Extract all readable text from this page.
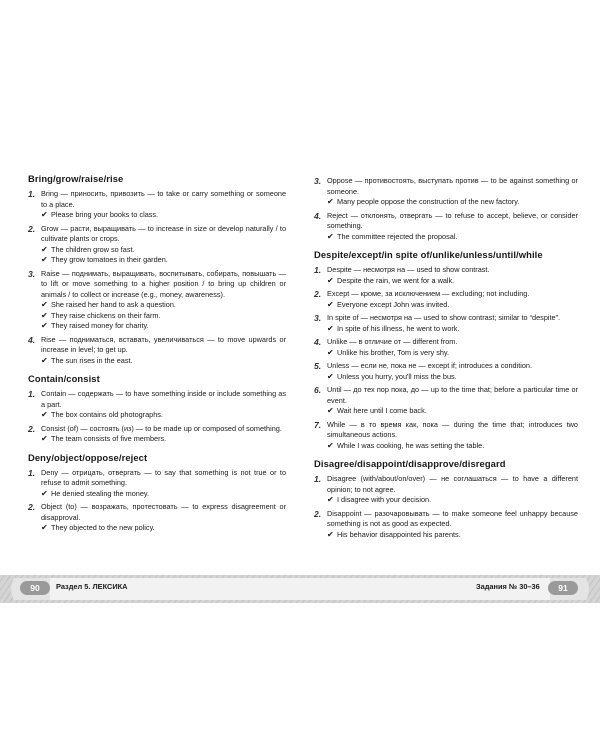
Bring/grow/raise/rise
1. Bring — приносить, привозить — to take or carry something or someone to a place.
✔ Please bring your books to class.
2. Grow — расти, выращивать — to increase in size or develop naturally / to cultivate plants or crops.
✔ The children grow so fast.
✔ They grow tomatoes in their garden.
3. Raise — поднимать, выращивать, воспитывать, собирать, повышать — to lift or move something to a higher position / to bring up children or animals / to collect or increase (e.g., money, awareness).
✔ She raised her hand to ask a question.
✔ They raise chickens on their farm.
✔ They raised money for charity.
4. Rise — подниматься, вставать, увеличиваться — to move upwards or increase in level; to get up.
✔ The sun rises in the east.
Contain/consist
1. Contain — содержать — to have something inside or include something as a part.
✔ The box contains old photographs.
2. Consist (of) — состоять (из) — to be made up or composed of something.
✔ The team consists of five members.
Deny/object/oppose/reject
1. Deny — отрицать, отвергать — to say that something is not true or to refuse to admit something.
✔ He denied stealing the money.
2. Object (to) — возражать, протестовать — to express disagreement or disapproval.
✔ They objected to the new policy.
3. Oppose — противостоять, выступать против — to be against something or someone.
✔ Many people oppose the construction of the new factory.
4. Reject — отклонять, отвергать — to refuse to accept, believe, or consider something.
✔ The committee rejected the proposal.
Despite/except/in spite of/unlike/unless/until/while
1. Despite — несмотря на — used to show contrast.
✔ Despite the rain, we went for a walk.
2. Except — кроме, за исключением — excluding; not including.
✔ Everyone except John was invited.
3. In spite of — несмотря на — used to show contrast; similar to “despite”.
✔ In spite of his illness, he went to work.
4. Unlike — в отличие от — different from.
✔ Unlike his brother, Tom is very shy.
5. Unless — если не, пока не — except if; introduces a condition.
✔ Unless you hurry, you'll miss the bus.
6. Until — до тех пор пока, до — up to the time that; before a particular time or event.
✔ Wait here until I come back.
7. While — в то время как, пока — during the time that; introduces two simultaneous actions.
✔ While I was cooking, he was setting the table.
Disagree/disappoint/disapprove/disregard
1. Disagree (with/about/on/over) — не соглашаться — to have a different opinion; to not agree.
✔ I disagree with your decision.
2. Disappoint — разочаровывать — to make someone feel unhappy because something is not as good as expected.
✔ His behavior disappointed his parents.
90	Раздел 5. ЛЕКСИКА	Задания № 30–36	91
